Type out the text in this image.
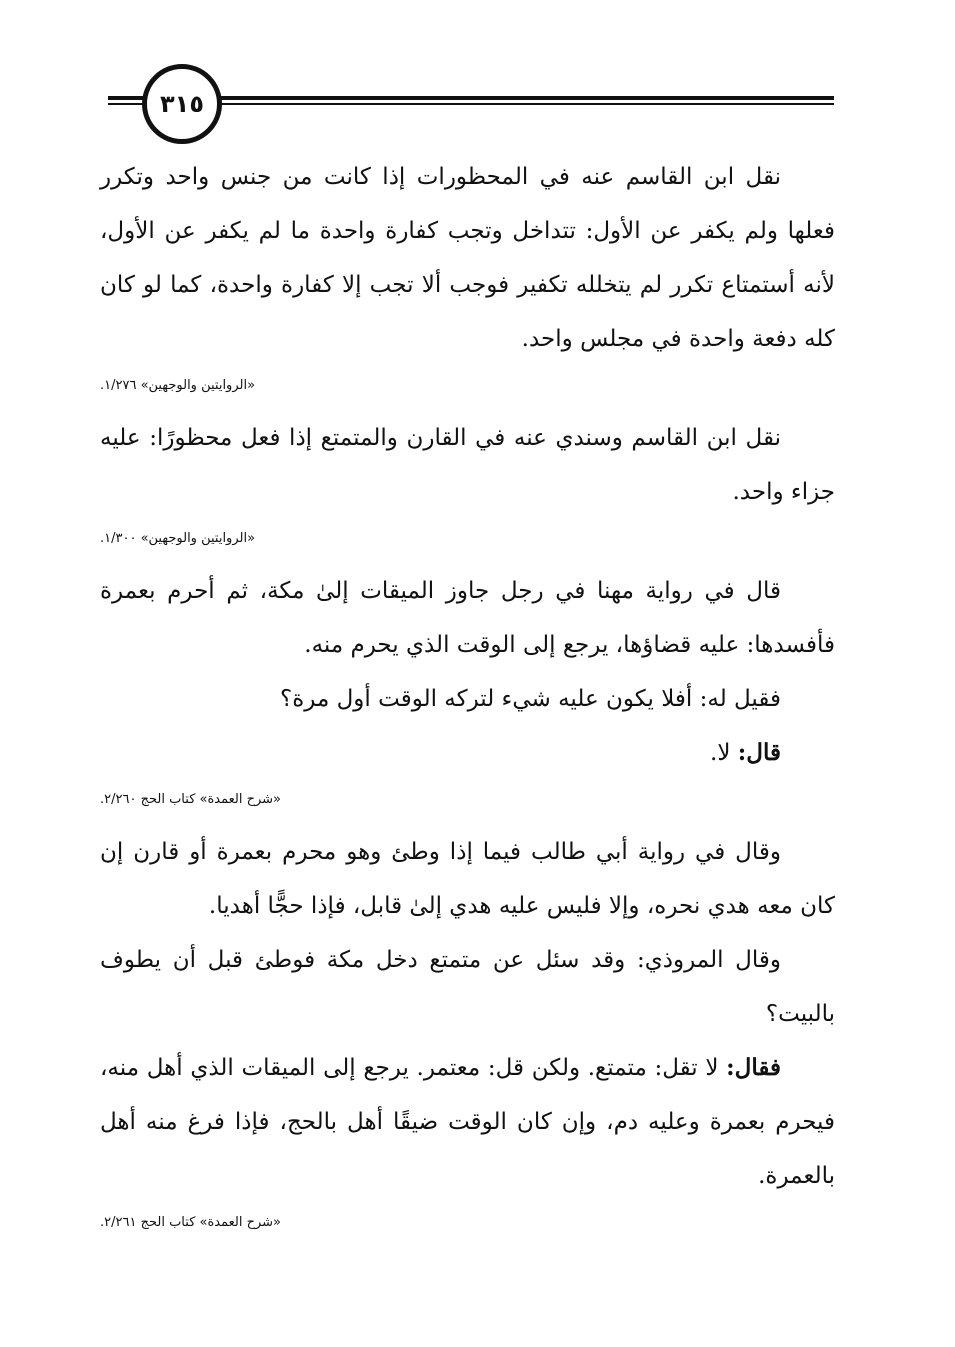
٣١٥

نقل ابن القاسم عنه في المحظورات إذا كانت من جنس واحد وتكرر فعلها ولم يكفر عن الأول: تتداخل وتجب كفارة واحدة ما لم يكفر عن الأول، لأنه أستمتاع تكرر لم يتخلله تكفير فوجب ألا تجب إلا كفارة واحدة، كما لو كان كله دفعة واحدة في مجلس واحد.

«الروايتين والوجهين» ١/٢٧٦.

نقل ابن القاسم وسندي عنه في القارن والمتمتع إذا فعل محظورًا: عليه جزاء واحد.

«الروايتين والوجهين» ١/٣٠٠.

قال في رواية مهنا في رجل جاوز الميقات إلىٰ مكة، ثم أحرم بعمرة فأفسدها: عليه قضاؤها، يرجع إلى الوقت الذي يحرم منه.

فقيل له: أفلا يكون عليه شيء لتركه الوقت أول مرة؟

قال: لا.

«شرح العمدة» كتاب الحج ٢/٢٦٠.

وقال في رواية أبي طالب فيما إذا وطئ وهو محرم بعمرة أو قارن إن كان معه هدي نحره، وإلا فليس عليه هدي إلىٰ قابل، فإذا حجًّا أهديا.

وقال المروذي: وقد سئل عن متمتع دخل مكة فوطئ قبل أن يطوف بالبيت؟

فقال: لا تقل: متمتع. ولكن قل: معتمر. يرجع إلى الميقات الذي أهل منه، فيحرم بعمرة وعليه دم، وإن كان الوقت ضيقًا أهل بالحج، فإذا فرغ منه أهل بالعمرة.

«شرح العمدة» كتاب الحج ٢/٢٦١.
